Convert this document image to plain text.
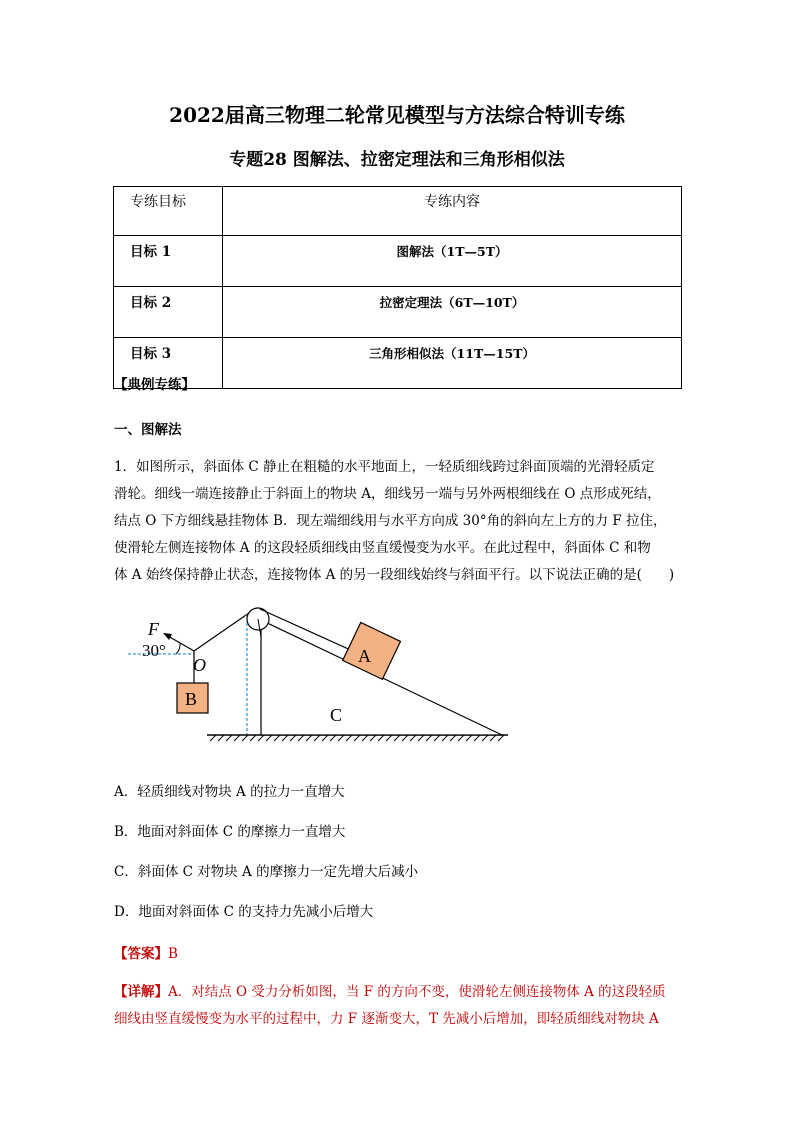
2022届高三物理二轮常见模型与方法综合特训专练
专题28 图解法、拉密定理法和三角形相似法
专练目标	专练内容
目标 1	图解法（1T—5T）
目标 2	拉密定理法（6T—10T）
目标 3	三角形相似法（11T—15T）
【典例专练】
一、图解法
1．如图所示，斜面体 C 静止在粗糙的水平地面上，一轻质细线跨过斜面顶端的光滑轻质定
滑轮。细线一端连接静止于斜面上的物块 A，细线另一端与另外两根细线在 O 点形成死结，
结点 O 下方细线悬挂物体 B．现左端细线用与水平方向成 30°角的斜向左上方的力 F 拉住，
使滑轮左侧连接物体 A 的这段轻质细线由竖直缓慢变为水平。在此过程中，斜面体 C 和物
体 A 始终保持静止状态，连接物体 A 的另一段细线始终与斜面平行。以下说法正确的是(　　)
A
B
F
30°
O
C
A．轻质细线对物块 A 的拉力一直增大
B．地面对斜面体 C 的摩擦力一直增大
C．斜面体 C 对物块 A 的摩擦力一定先增大后减小
D．地面对斜面体 C 的支持力先减小后增大
【答案】B
【详解】A．对结点 O 受力分析如图，当 F 的方向不变，使滑轮左侧连接物体 A 的这段轻质
细线由竖直缓慢变为水平的过程中，力 F 逐渐变大，T 先减小后增加，即轻质细线对物块 A
